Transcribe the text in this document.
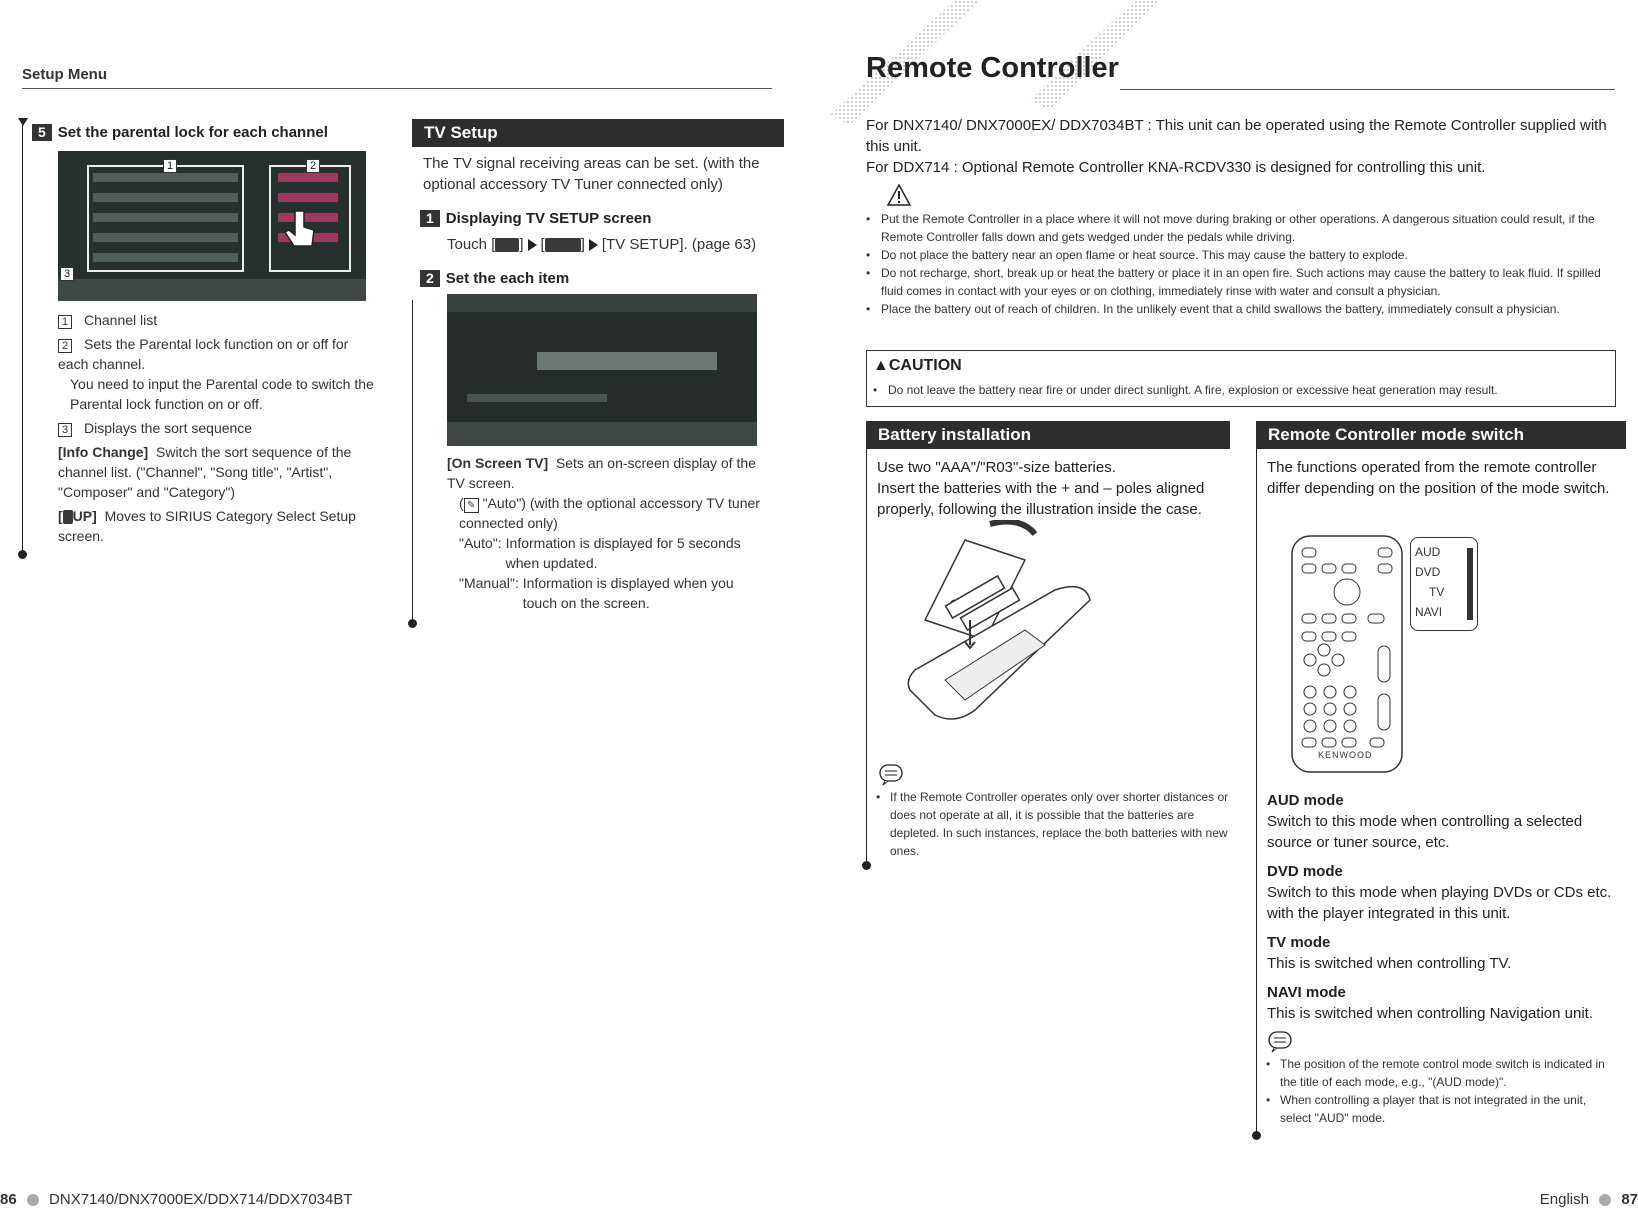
Setup Menu
5 Set the parental lock for each channel
1	2
3
1 Channel list
2 Sets the Parental lock function on or off for each channel.

You need to input the Parental code to switch the Parental lock function on or off.
3 Displays the sort sequence
[Info Change] Switch the sort sequence of the channel list. ("Channel", "Song title", "Artist", "Composer" and "Category")
[ UP] Moves to SIRIUS Category Select Setup screen.
TV Setup
The TV signal receiving areas can be set. (with the optional accessory TV Tuner connected only)
1 Displaying TV SETUP screen
Touch [ ] [ ] [TV SETUP]. (page 63)
2 Set the each item
[On Screen TV] Sets an on-screen display of the TV screen.
( ✎ "Auto") (with the optional accessory TV tuner connected only)
"Auto": Information is displayed for 5 seconds when updated.
"Manual": Information is displayed when you touch on the screen.
86 DNX7140/DNX7000EX/DDX714/DDX7034BT
Remote Controller
For DNX7140/ DNX7000EX/ DDX7034BT : This unit can be operated using the Remote Controller supplied with this unit.
For DDX714 : Optional Remote Controller KNA-RCDV330 is designed for controlling this unit.
• Put the Remote Controller in a place where it will not move during braking or other operations. A dangerous situation could result, if the Remote Controller falls down and gets wedged under the pedals while driving.
• Do not place the battery near an open flame or heat source. This may cause the battery to explode.
• Do not recharge, short, break up or heat the battery or place it in an open fire. Such actions may cause the battery to leak fluid. If spilled fluid comes in contact with your eyes or on clothing, immediately rinse with water and consult a physician.
• Place the battery out of reach of children. In the unlikely event that a child swallows the battery, immediately consult a physician.
▲CAUTION
• Do not leave the battery near fire or under direct sunlight. A fire, explosion or excessive heat generation may result.
Battery installation
Use two "AAA"/"R03"-size batteries.
Insert the batteries with the + and – poles aligned properly, following the illustration inside the case.
• If the Remote Controller operates only over shorter distances or does not operate at all, it is possible that the batteries are depleted. In such instances, replace the both batteries with new ones.
Remote Controller mode switch
The functions operated from the remote controller differ depending on the position of the mode switch.
KENWOOD
AUD
DVD
TV
NAVI
AUD mode
Switch to this mode when controlling a selected source or tuner source, etc.
DVD mode
Switch to this mode when playing DVDs or CDs etc. with the player integrated in this unit.
TV mode
This is switched when controlling TV.
NAVI mode
This is switched when controlling Navigation unit.
• The position of the remote control mode switch is indicated in the title of each mode, e.g., "(AUD mode)".
• When controlling a player that is not integrated in the unit, select "AUD" mode.
English 87
